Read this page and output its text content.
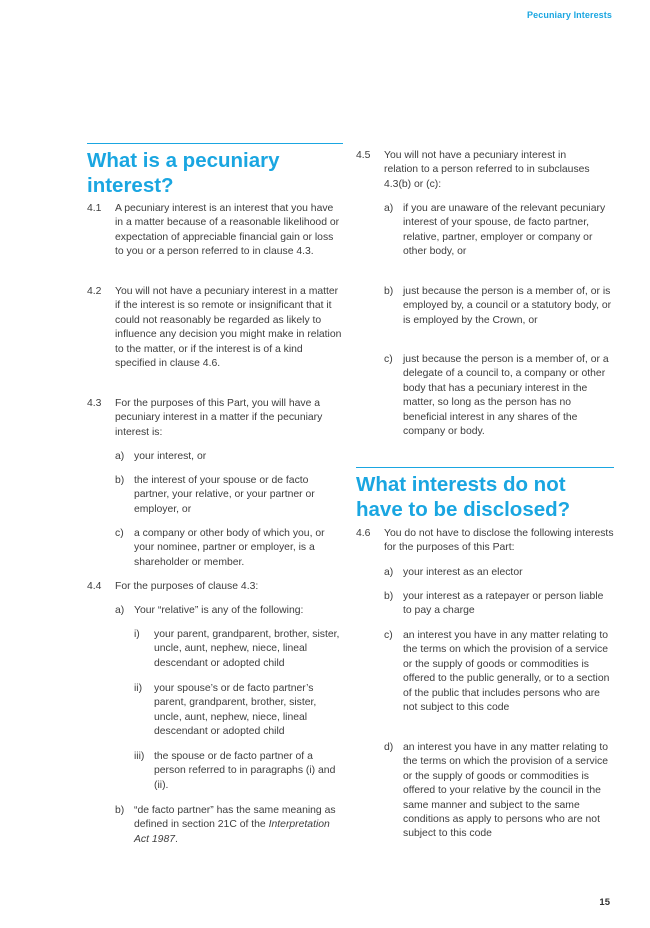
Pecuniary Interests
What is a pecuniary
interest?
4.1 A pecuniary interest is an interest that you have in a matter because of a reasonable likelihood or expectation of appreciable financial gain or loss to you or a person referred to in clause 4.3.
4.2 You will not have a pecuniary interest in a matter if the interest is so remote or insignificant that it could not reasonably be regarded as likely to influence any decision you might make in relation to the matter, or if the interest is of a kind specified in clause 4.6.
4.3 For the purposes of this Part, you will have a pecuniary interest in a matter if the pecuniary interest is:
a) your interest, or
b) the interest of your spouse or de facto partner, your relative, or your partner or employer, or
c) a company or other body of which you, or your nominee, partner or employer, is a shareholder or member.
4.4 For the purposes of clause 4.3:
a) Your “relative” is any of the following:
i) your parent, grandparent, brother, sister, uncle, aunt, nephew, niece, lineal descendant or adopted child
ii) your spouse’s or de facto partner’s parent, grandparent, brother, sister, uncle, aunt, nephew, niece, lineal descendant or adopted child
iii) the spouse or de facto partner of a person referred to in paragraphs (i) and (ii).
b) “de facto partner” has the same meaning as defined in section 21C of the Interpretation Act 1987.
4.5 You will not have a pecuniary interest in relation to a person referred to in subclauses 4.3(b) or (c):
a) if you are unaware of the relevant pecuniary interest of your spouse, de facto partner, relative, partner, employer or company or other body, or
b) just because the person is a member of, or is employed by, a council or a statutory body, or is employed by the Crown, or
c) just because the person is a member of, or a delegate of a council to, a company or other body that has a pecuniary interest in the matter, so long as the person has no beneficial interest in any shares of the company or body.
What interests do not
have to be disclosed?
4.6 You do not have to disclose the following interests for the purposes of this Part:
a) your interest as an elector
b) your interest as a ratepayer or person liable to pay a charge
c) an interest you have in any matter relating to the terms on which the provision of a service or the supply of goods or commodities is offered to the public generally, or to a section of the public that includes persons who are not subject to this code
d) an interest you have in any matter relating to the terms on which the provision of a service or the supply of goods or commodities is offered to your relative by the council in the same manner and subject to the same conditions as apply to persons who are not subject to this code
15
